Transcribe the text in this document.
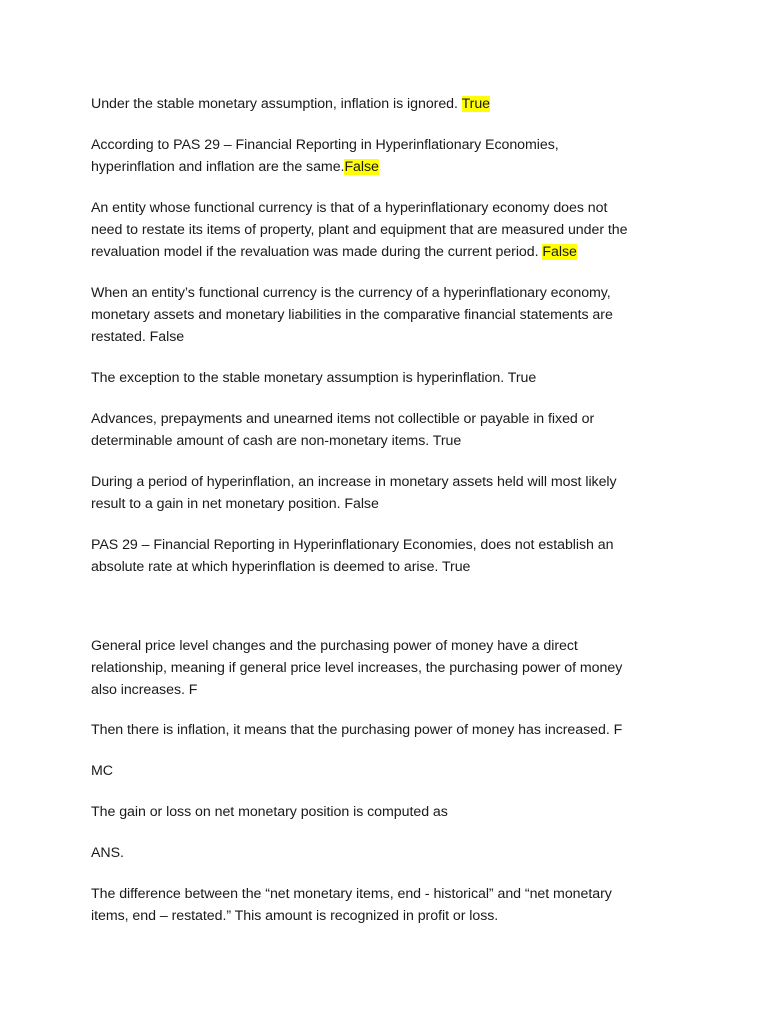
Under the stable monetary assumption, inflation is ignored. True

According to PAS 29 – Financial Reporting in Hyperinflationary Economies,
hyperinflation and inflation are the same.False

An entity whose functional currency is that of a hyperinflationary economy does not
need to restate its items of property, plant and equipment that are measured under the
revaluation model if the revaluation was made during the current period. False

When an entity’s functional currency is the currency of a hyperinflationary economy,
monetary assets and monetary liabilities in the comparative financial statements are
restated. False

The exception to the stable monetary assumption is hyperinflation. True

Advances, prepayments and unearned items not collectible or payable in fixed or
determinable amount of cash are non-monetary items. True

During a period of hyperinflation, an increase in monetary assets held will most likely
result to a gain in net monetary position. False

PAS 29 – Financial Reporting in Hyperinflationary Economies, does not establish an
absolute rate at which hyperinflation is deemed to arise. True

General price level changes and the purchasing power of money have a direct
relationship, meaning if general price level increases, the purchasing power of money
also increases. F

Then there is inflation, it means that the purchasing power of money has increased. F

MC

The gain or loss on net monetary position is computed as

ANS.

The difference between the “net monetary items, end - historical” and “net monetary
items, end – restated.” This amount is recognized in profit or loss.
